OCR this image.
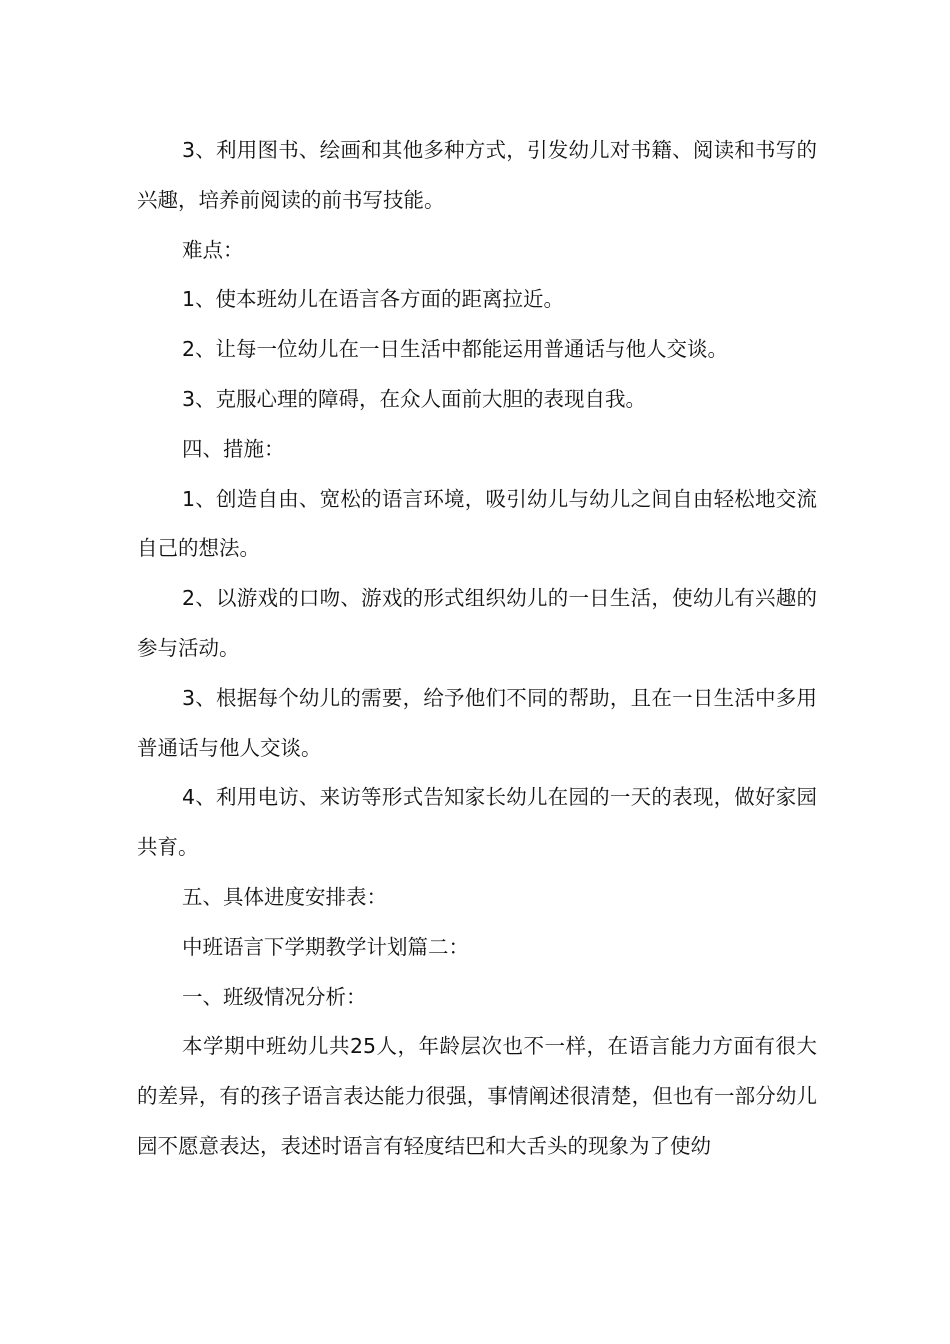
3、利用图书、绘画和其他多种方式，引发幼儿对书籍、阅读和书写的兴趣，培养前阅读的前书写技能。

难点：

1、使本班幼儿在语言各方面的距离拉近。

2、让每一位幼儿在一日生活中都能运用普通话与他人交谈。

3、克服心理的障碍，在众人面前大胆的表现自我。

四、措施：

1、创造自由、宽松的语言环境，吸引幼儿与幼儿之间自由轻松地交流自己的想法。

2、以游戏的口吻、游戏的形式组织幼儿的一日生活，使幼儿有兴趣的参与活动。

3、根据每个幼儿的需要，给予他们不同的帮助，且在一日生活中多用普通话与他人交谈。

4、利用电访、来访等形式告知家长幼儿在园的一天的表现，做好家园共育。

五、具体进度安排表：

中班语言下学期教学计划篇二：

一、班级情况分析：

本学期中班幼儿共25人，年龄层次也不一样，在语言能力方面有很大的差异，有的孩子语言表达能力很强，事情阐述很清楚，但也有一部分幼儿园不愿意表达，表述时语言有轻度结巴和大舌头的现象为了使幼
